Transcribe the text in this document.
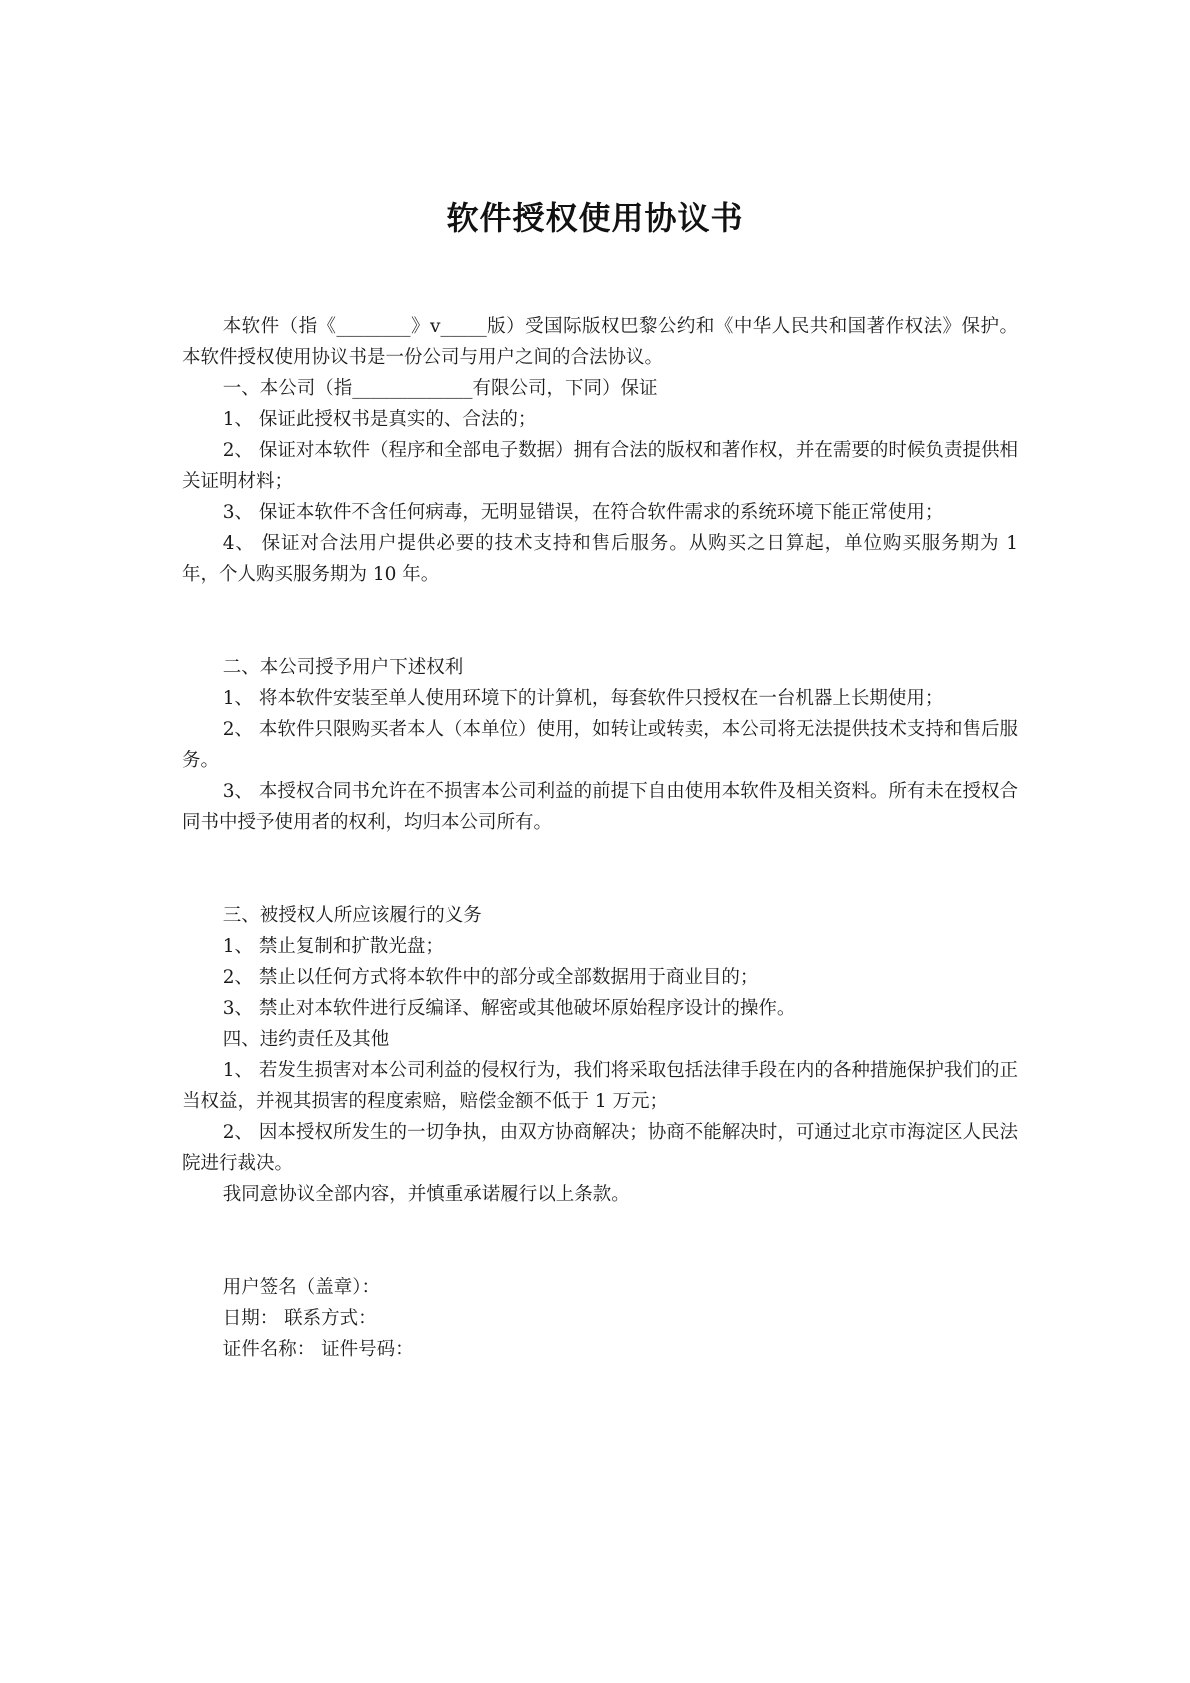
软件授权使用协议书

本软件（指《________》v_____版）受国际版权巴黎公约和《中华人民共和国著作权法》保护。本软件授权使用协议书是一份公司与用户之间的合法协议。

一、本公司（指_____________有限公司，下同）保证

1、 保证此授权书是真实的、合法的；

2、 保证对本软件（程序和全部电子数据）拥有合法的版权和著作权，并在需要的时候负责提供相关证明材料；

3、 保证本软件不含任何病毒，无明显错误，在符合软件需求的系统环境下能正常使用；

4、 保证对合法用户提供必要的技术支持和售后服务。从购买之日算起，单位购买服务期为 1 年，个人购买服务期为 10 年。

二、本公司授予用户下述权利

1、 将本软件安装至单人使用环境下的计算机，每套软件只授权在一台机器上长期使用；

2、 本软件只限购买者本人（本单位）使用，如转让或转卖，本公司将无法提供技术支持和售后服务。

3、 本授权合同书允许在不损害本公司利益的前提下自由使用本软件及相关资料。所有未在授权合同书中授予使用者的权利，均归本公司所有。

三、被授权人所应该履行的义务

1、 禁止复制和扩散光盘；

2、 禁止以任何方式将本软件中的部分或全部数据用于商业目的；

3、 禁止对本软件进行反编译、解密或其他破坏原始程序设计的操作。

四、违约责任及其他

1、 若发生损害对本公司利益的侵权行为，我们将采取包括法律手段在内的各种措施保护我们的正当权益，并视其损害的程度索赔，赔偿金额不低于 1 万元；

2、 因本授权所发生的一切争执，由双方协商解决；协商不能解决时，可通过北京市海淀区人民法院进行裁决。

我同意协议全部内容，并慎重承诺履行以上条款。

用户签名（盖章）：

日期： 联系方式：

证件名称： 证件号码：
